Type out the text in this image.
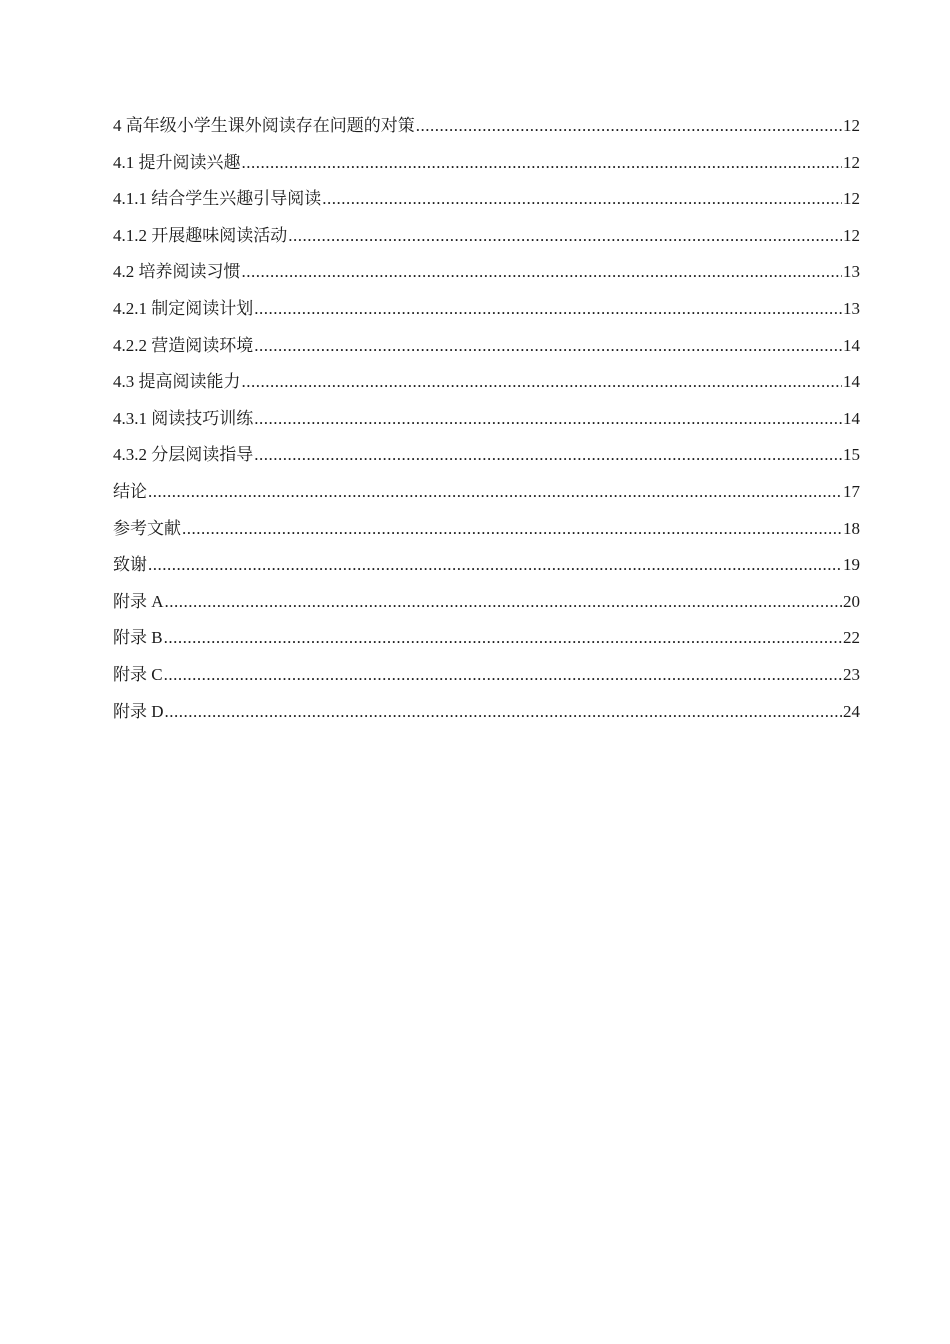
4 高年级小学生课外阅读存在问题的对策 .....	12
4.1 提升阅读兴趣 .....	12
4.1.1 结合学生兴趣引导阅读 .....	12
4.1.2 开展趣味阅读活动 .....	12
4.2 培养阅读习惯 .....	13
4.2.1 制定阅读计划 .....	13
4.2.2 营造阅读环境 .....	14
4.3 提高阅读能力 .....	14
4.3.1 阅读技巧训练 .....	14
4.3.2 分层阅读指导 .....	15
结论 .....	17
参考文献 .....	18
致谢 .....	19
附录 A .....	20
附录 B .....	22
附录 C .....	23
附录 D .....	24
